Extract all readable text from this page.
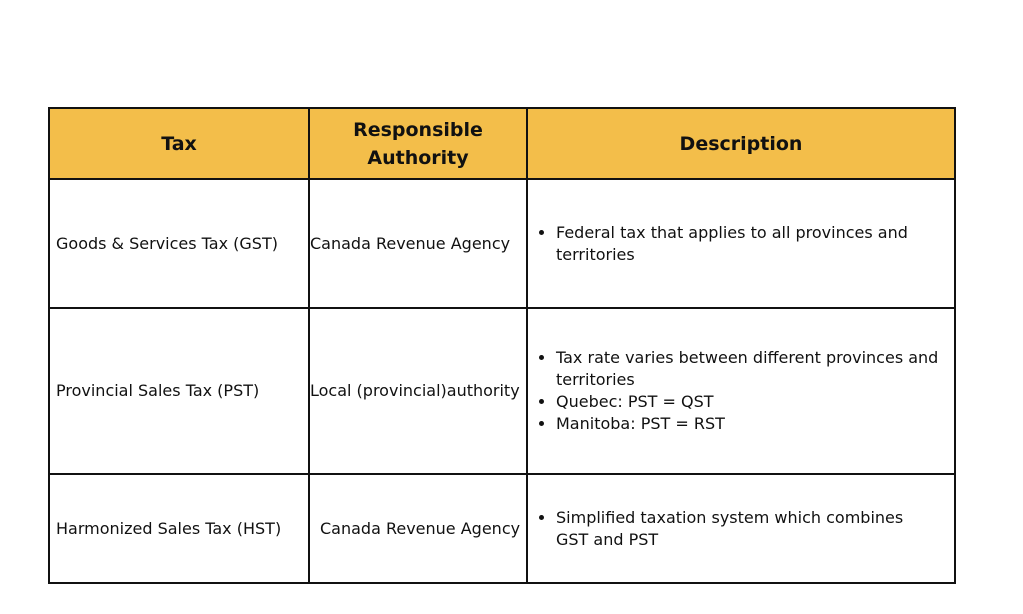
Tax
Responsible Authority
Description
Goods & Services Tax (GST) Canada Revenue Agency
• Federal tax that applies to all provinces and territories
Provincial Sales Tax (PST)	Local (provincial)authority
• Tax rate varies between different provinces and territories
• Quebec: PST = QST
• Manitoba: PST = RST
Harmonized Sales Tax (HST) Canada Revenue Agency
• Simplified taxation system which combines GST and PST
